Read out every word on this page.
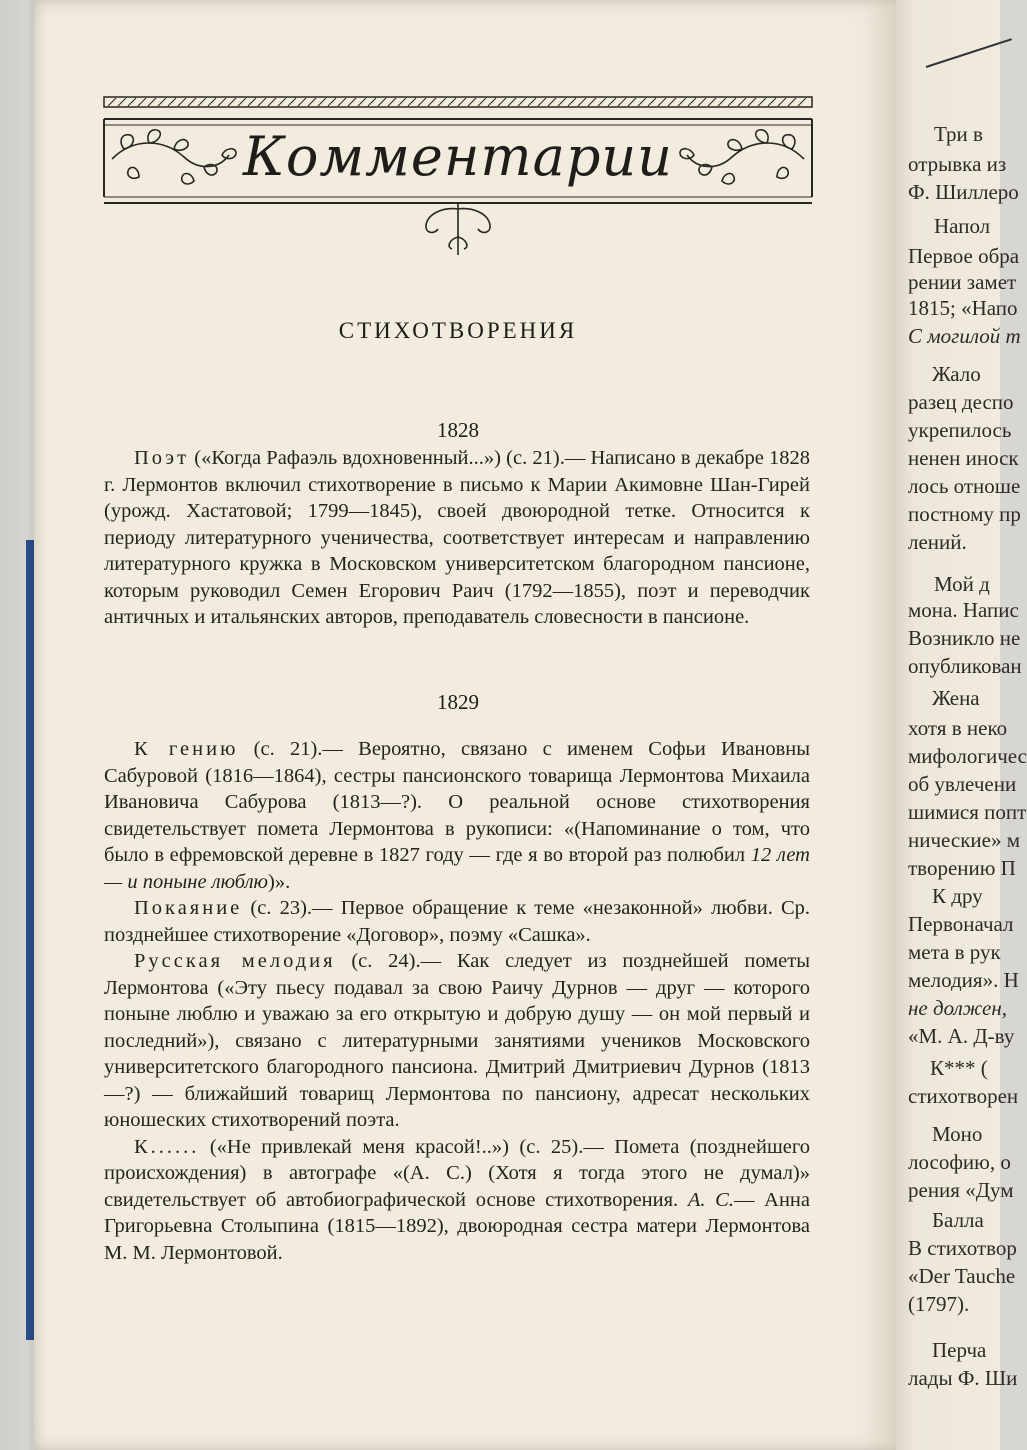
Комментарии
СТИХОТВОРЕНИЯ
1828

Поэт («Когда Рафаэль вдохновенный...») (с. 21).— Написано в декабре 1828 г. Лермонтов включил стихотворение в письмо к Марии Акимовне Шан-Гирей (урожд. Хастатовой; 1799—1845), своей двоюродной тетке. Относится к периоду литературного ученичества, соответствует интересам и направлению литературного кружка в Московском университетском благородном пансионе, которым руководил Семен Егорович Раич (1792—1855), поэт и переводчик античных и итальянских авторов, преподаватель словесности в пансионе.

1829

К гению (с. 21).— Вероятно, связано с именем Софьи Ивановны Сабуровой (1816—1864), сестры пансионского товарища Лермонтова Михаила Ивановича Сабурова (1813—?). О реальной основе стихотворения свидетельствует помета Лермонтова в рукописи: «(Напоминание о том, что было в ефремовской деревне в 1827 году — где я во второй раз полюбил 12 лет — и поныне люблю)».

Покаяние (с. 23).— Первое обращение к теме «незаконной» любви. Ср. позднейшее стихотворение «Договор», поэму «Сашка».

Русская мелодия (с. 24).— Как следует из позднейшей пометы Лермонтова («Эту пьесу подавал за свою Раичу Дурнов — друг — которого поныне люблю и уважаю за его открытую и добрую душу — он мой первый и последний»), связано с литературными занятиями учеников Московского университетского благородного пансиона. Дмитрий Дмитриевич Дурнов (1813—?) — ближайший товарищ Лермонтова по пансиону, адресат нескольких юношеских стихотворений поэта.

К...... («Не привлекай меня красой!..») (с. 25).— Помета (позднейшего происхождения) в автографе «(А. С.) (Хотя я тогда этого не думал)» свидетельствует об автобиографической основе стихотворения. А. С.— Анна Григорьевна Столыпина (1815—1892), двоюродная сестра матери Лермонтова М. М. Лермонтовой.

Три в
отрывка из
Ф. Шиллеро
Напол
Первое обра
рении замет
1815; «Напо
С могилой т
Жало
разец деспо
укрепилось
ненен иноск
лось отноше
постному пр
лений.
Мой д
мона. Напис
Возникло не
опубликован
Жена
хотя в неко
мифологичес
об увлечени
шимися попт
нические» м
творению П
К дру
Первоначал
мета в рук
мелодия». Н
не должен,
«М. А. Д-ву
К*** (
стихотворен
Моно
лософию, о
рения «Дум
Балла
В стихотвор
«Der Tauche
(1797).
Перча
лады Ф. Ши
